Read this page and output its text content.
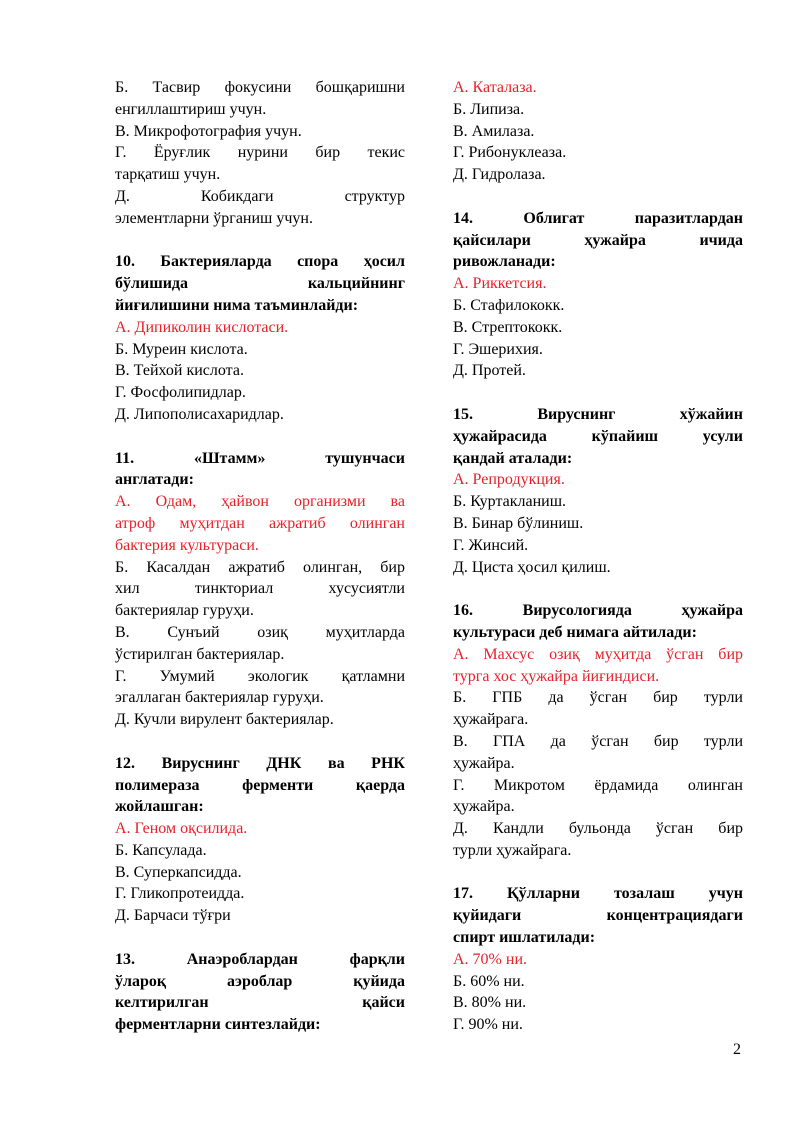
Б. Тасвир фокусини бошқаришни
енгиллаштириш учун.
В. Микрофотография учун.
Г. Ёруғлик нурини бир текис
тарқатиш учун.
Д. Кобикдаги структур
элементларни ўрганиш учун.
10. Бактерияларда спора ҳосил
бўлишида кальцийнинг
йиғилишини нима таъминлайди:
А. Дипиколин кислотаси.
Б. Муреин кислота.
В. Тейхой кислота.
Г. Фосфолипидлар.
Д. Липополисахаридлар.
11. «Штамм» тушунчаси
англатади:
А. Одам, ҳайвон организми ва
атроф муҳитдан ажратиб олинган
бактерия культураси.
Б. Касалдан ажратиб олинган, бир
хил тинкториал хусусиятли
бактериялар гуруҳи.
В. Сунъий озиқ муҳитларда
ўстирилган бактериялар.
Г. Умумий экологик қатламни
эгаллаган бактериялар гуруҳи.
Д. Кучли вирулент бактериялар.
12. Вируснинг ДНК ва РНК
полимераза ферменти қаерда
жойлашган:
А. Геном оқсилида.
Б. Капсулада.
В. Суперкапсидда.
Г. Гликопротеидда.
Д. Барчаси тўғри
13. Анаэроблардан фарқли
ўлароқ аэроблар қуйида
келтирилган қайси
ферментларни синтезлайди:
А. Каталаза.
Б. Липиза.
В. Амилаза.
Г. Рибонуклеаза.
Д. Гидролаза.
14. Облигат паразитлардан
қайсилари ҳужайра ичида
ривожланади:
А. Риккетсия.
Б. Стафилококк.
В. Стрептококк.
Г. Эшерихия.
Д. Протей.
15. Вируснинг хўжайин
ҳужайрасида кўпайиш усули
қандай аталади:
А. Репродукция.
Б. Куртакланиш.
В. Бинар бўлиниш.
Г. Жинсий.
Д. Циста ҳосил қилиш.
16. Вирусологияда ҳужайра
культураси деб нимага айтилади:
А. Махсус озиқ муҳитда ўсган бир
турга хос ҳужайра йиғиндиси.
Б. ГПБ да ўсган бир турли
ҳужайрага.
В. ГПА да ўсган бир турли
ҳужайра.
Г. Микротом ёрдамида олинган
ҳужайра.
Д. Кандли бульонда ўсган бир
турли ҳужайрага.
17. Қўлларни тозалаш учун
қуйидаги концентрациядаги
спирт ишлатилади:
А. 70% ни.
Б. 60% ни.
В. 80% ни.
Г. 90% ни.
2
